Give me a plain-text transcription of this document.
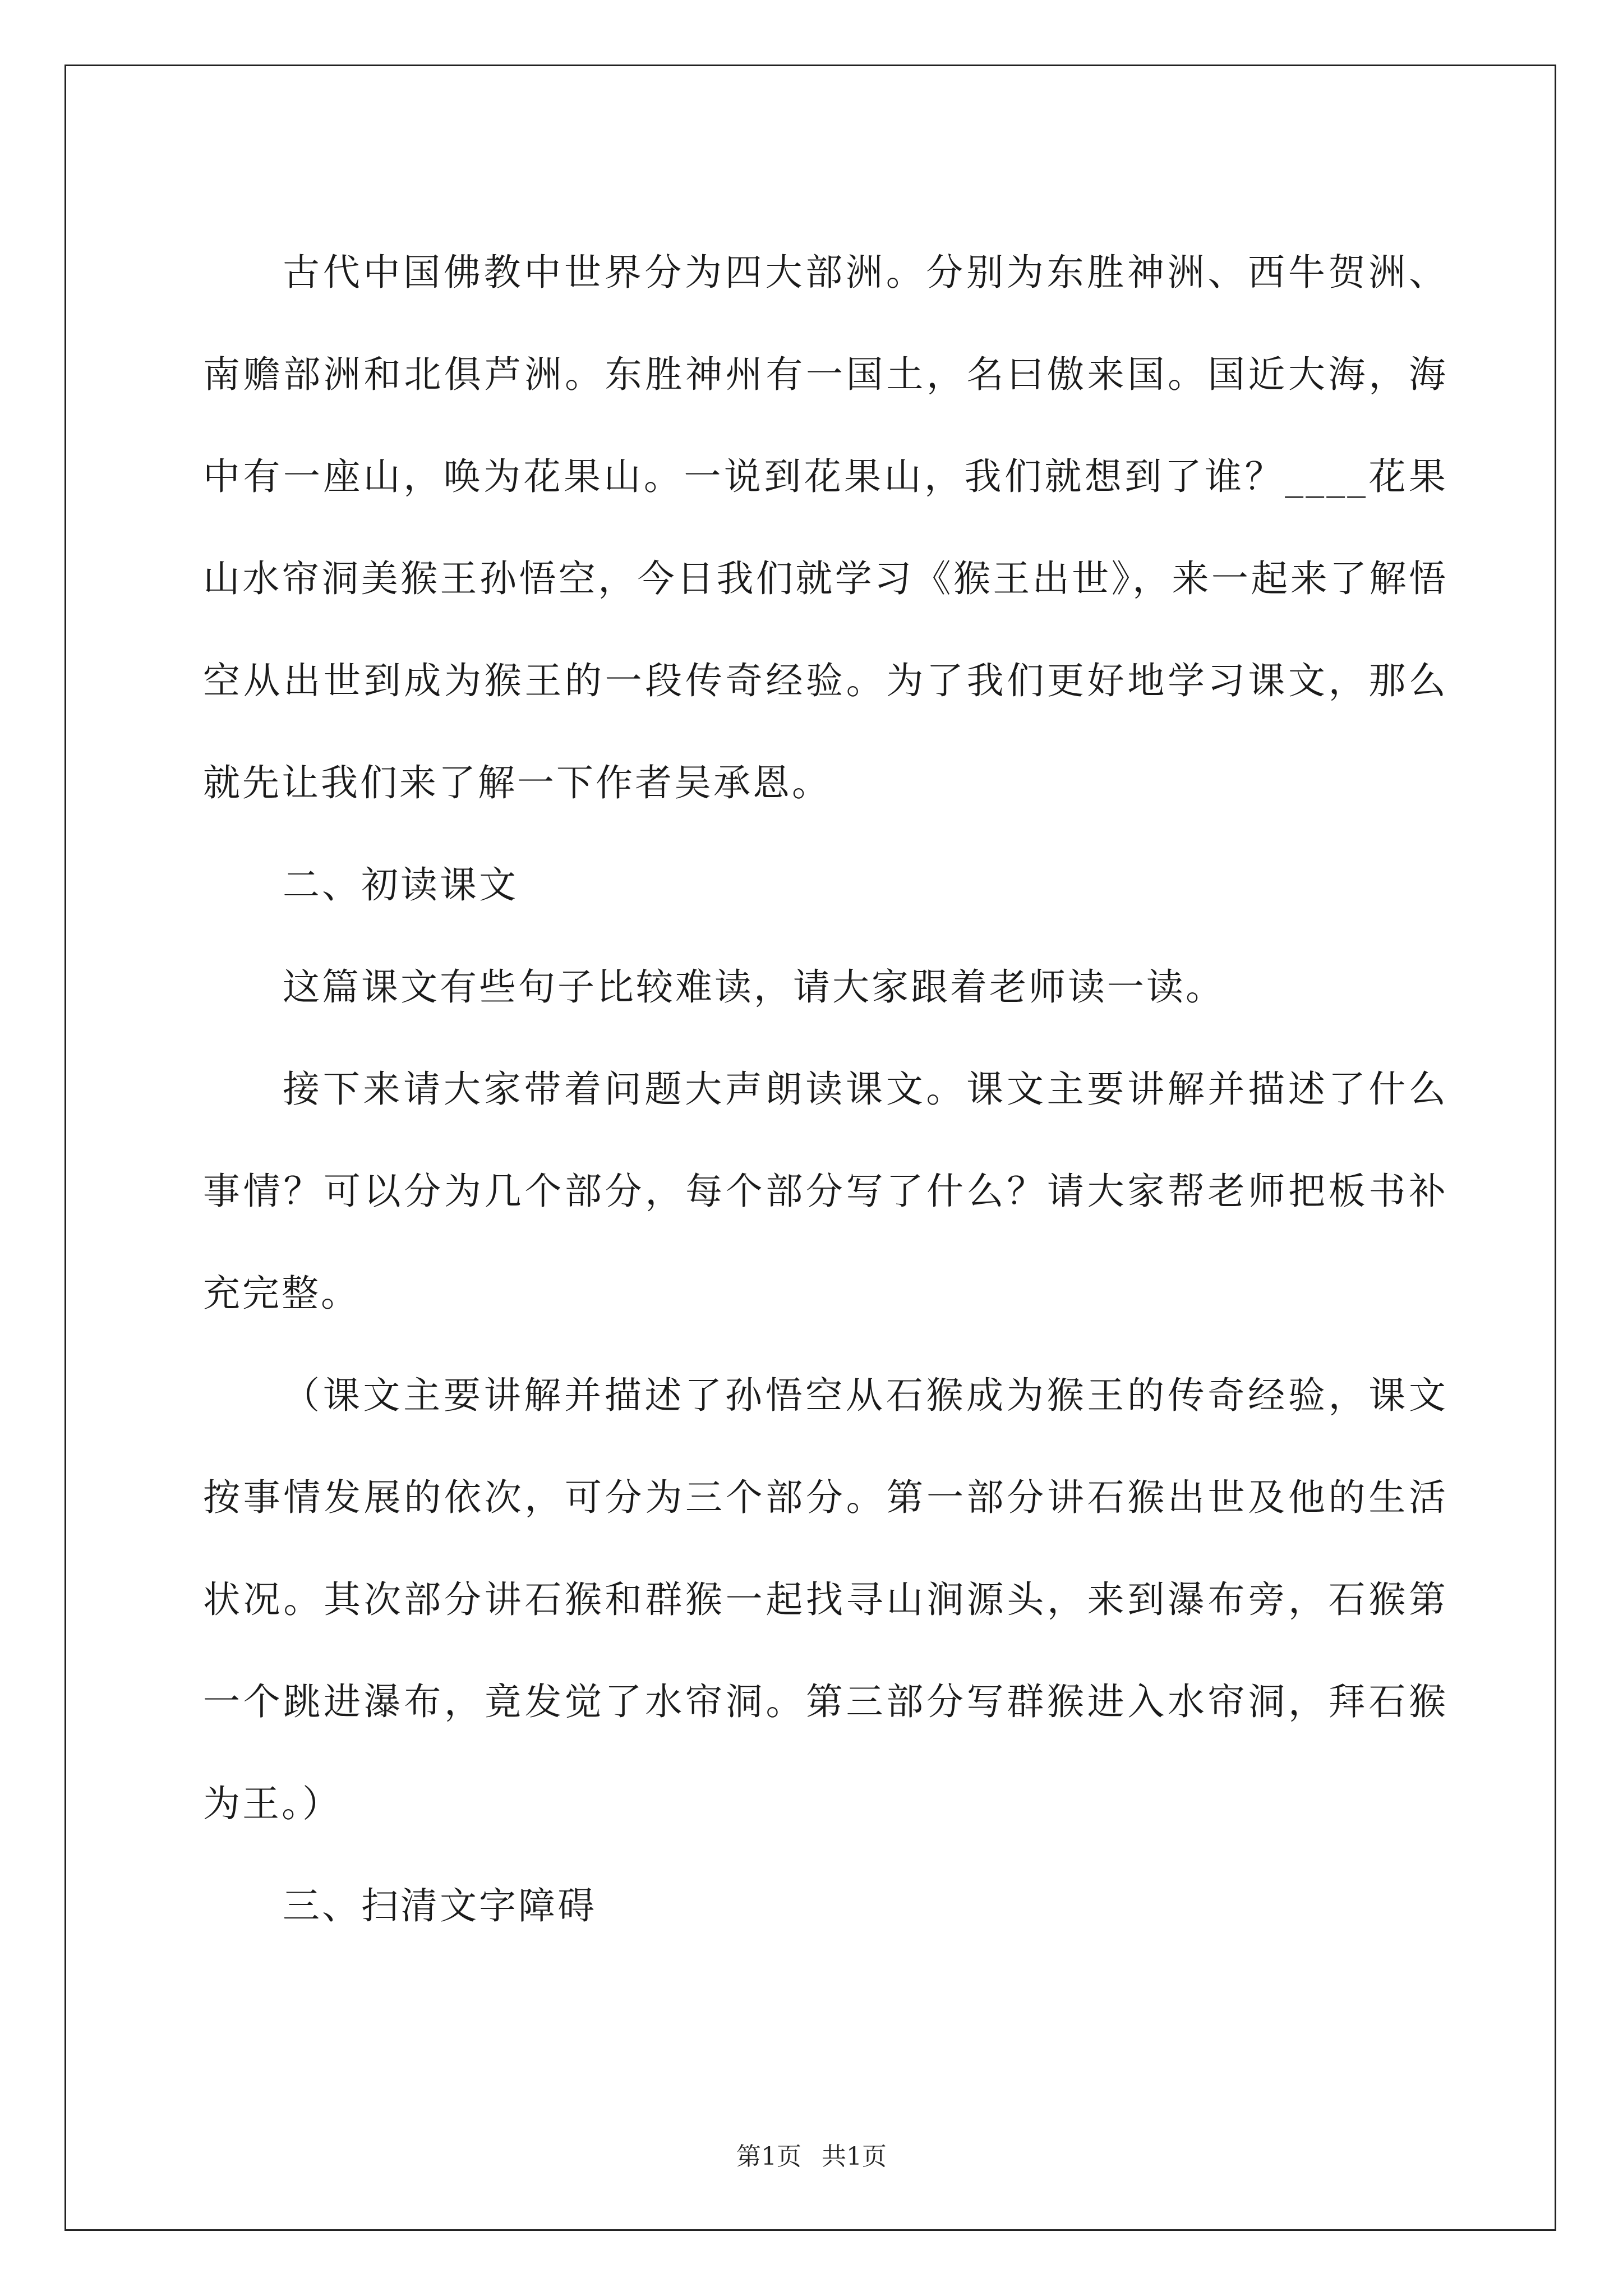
古代中国佛教中世界分为四大部洲。分别为东胜神洲、西牛贺洲、南赡部洲和北俱芦洲。东胜神州有一国土，名曰傲来国。国近大海，海中有一座山，唤为花果山。一说到花果山，我们就想到了谁？____花果山水帘洞美猴王孙悟空，今日我们就学习《猴王出世》，来一起来了解悟空从出世到成为猴王的一段传奇经验。为了我们更好地学习课文，那么就先让我们来了解一下作者吴承恩。

二、初读课文

这篇课文有些句子比较难读，请大家跟着老师读一读。

接下来请大家带着问题大声朗读课文。课文主要讲解并描述了什么事情？可以分为几个部分，每个部分写了什么？请大家帮老师把板书补充完整。

（课文主要讲解并描述了孙悟空从石猴成为猴王的传奇经验，课文按事情发展的依次，可分为三个部分。第一部分讲石猴出世及他的生活状况。其次部分讲石猴和群猴一起找寻山涧源头，来到瀑布旁，石猴第一个跳进瀑布，竟发觉了水帘洞。第三部分写群猴进入水帘洞，拜石猴为王。）

三、扫清文字障碍

第1页 共1页
